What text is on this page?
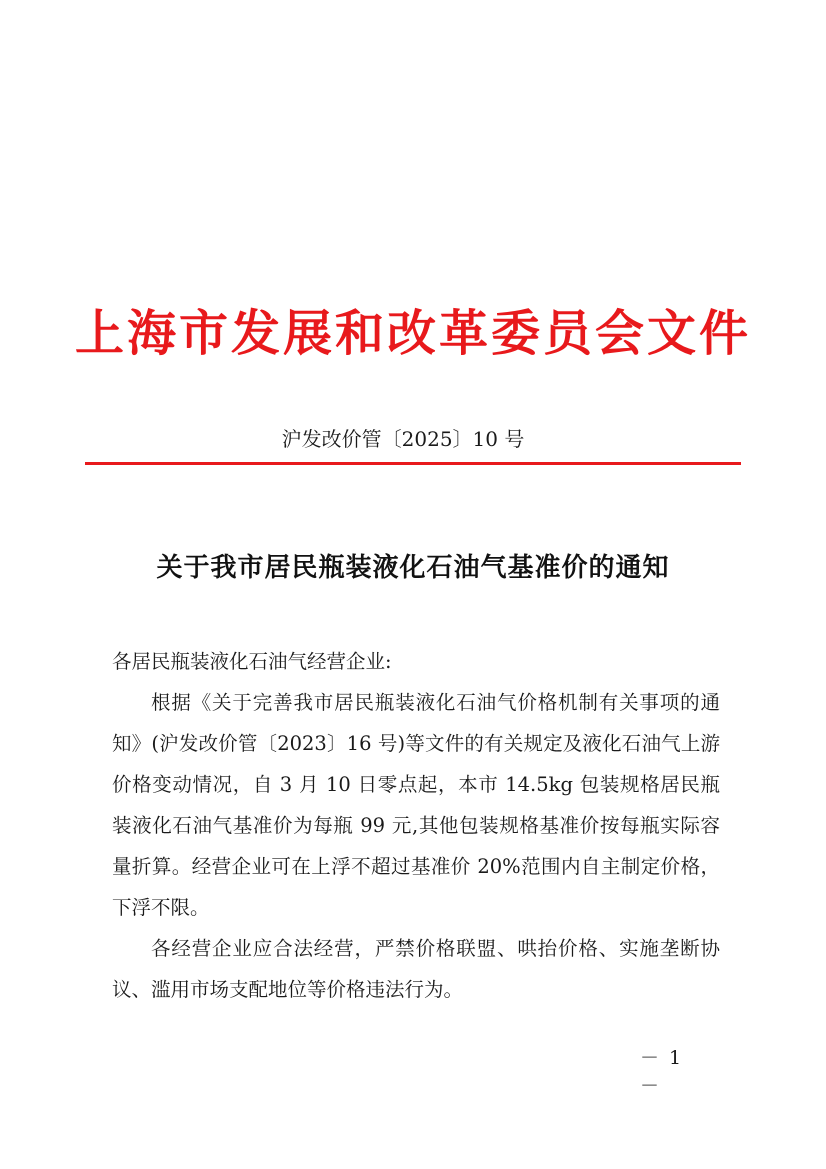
上海市发展和改革委员会文件
沪发改价管〔2025〕10 号
关于我市居民瓶装液化石油气基准价的通知

各居民瓶装液化石油气经营企业:

根据《关于完善我市居民瓶装液化石油气价格机制有关事项的通知》(沪发改价管〔2023〕16 号)等文件的有关规定及液化石油气上游价格变动情况，自 3 月 10 日零点起，本市 14.5kg 包装规格居民瓶装液化石油气基准价为每瓶 99 元,其他包装规格基准价按每瓶实际容量折算。经营企业可在上浮不超过基准价 20%范围内自主制定价格，下浮不限。

各经营企业应合法经营，严禁价格联盟、哄抬价格、实施垄断协议、滥用市场支配地位等价格违法行为。

－ 1 －
